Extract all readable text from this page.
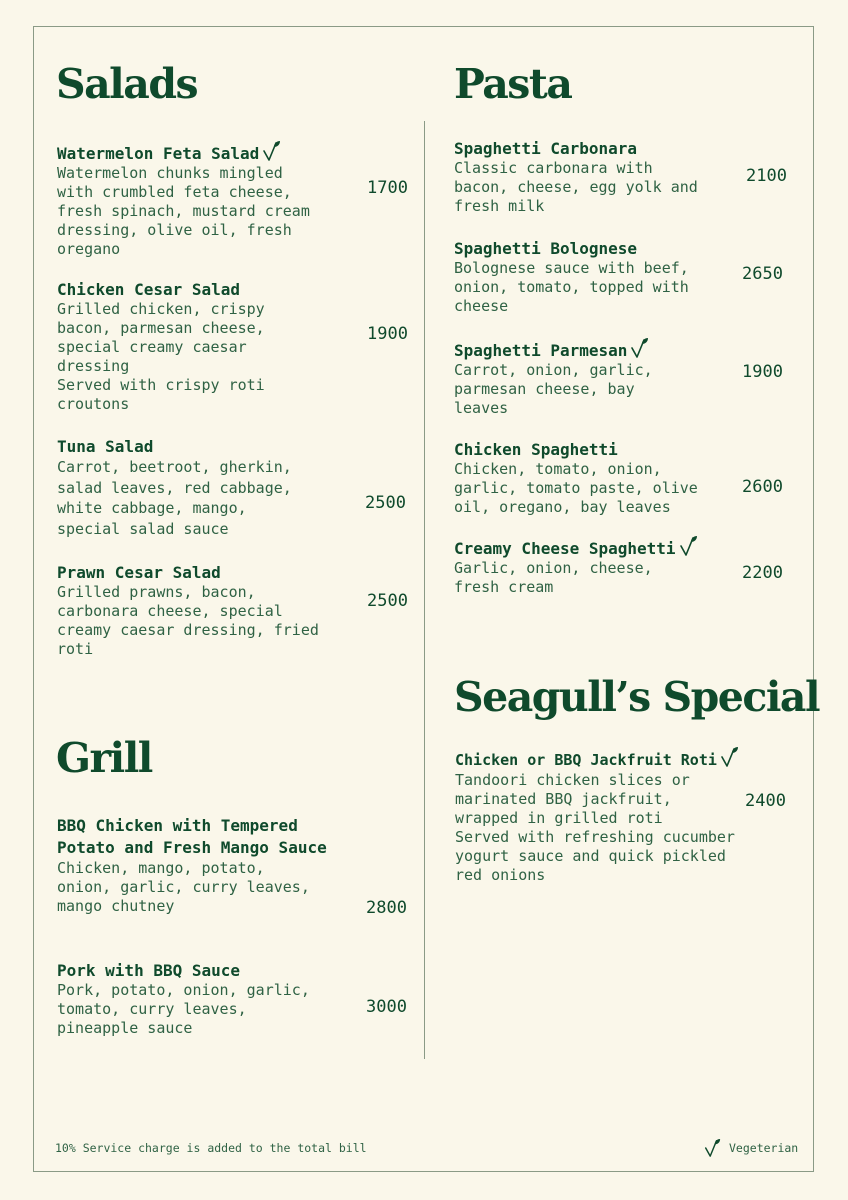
Salads
Watermelon Feta Salad
Watermelon chunks mingled
with crumbled feta cheese,
fresh spinach, mustard cream
dressing, olive oil, fresh
oregano
1700
Chicken Cesar Salad
Grilled chicken, crispy
bacon, parmesan cheese,
special creamy caesar
dressing
Served with crispy roti
croutons
1900
Tuna Salad
Carrot, beetroot, gherkin,
salad leaves, red cabbage,
white cabbage, mango,
special salad sauce
2500
Prawn Cesar Salad
Grilled prawns, bacon,
carbonara cheese, special
creamy caesar dressing, fried
roti
2500
Grill
BBQ Chicken with Tempered Potato and Fresh Mango Sauce
Chicken, mango, potato,
onion, garlic, curry leaves,
mango chutney	2800
Pork with BBQ Sauce
Pork, potato, onion, garlic,
tomato, curry leaves,
pineapple sauce
3000
Pasta
Spaghetti Carbonara
Classic carbonara with
bacon, cheese, egg yolk and
fresh milk
2100
Spaghetti Bolognese
Bolognese sauce with beef,
onion, tomato, topped with
cheese
2650
Spaghetti Parmesan
Carrot, onion, garlic,
parmesan cheese, bay
leaves
1900
Chicken Spaghetti
Chicken, tomato, onion,
garlic, tomato paste, olive
oil, oregano, bay leaves
2600
Creamy Cheese Spaghetti
Garlic, onion, cheese,
fresh cream
2200
Seagull’s Special
Chicken or BBQ Jackfruit Roti
Tandoori chicken slices or
marinated BBQ jackfruit,
wrapped in grilled roti
Served with refreshing cucumber
yogurt sauce and quick pickled
red onions
2400
10% Service charge is added to the total bill	Vegeterian
